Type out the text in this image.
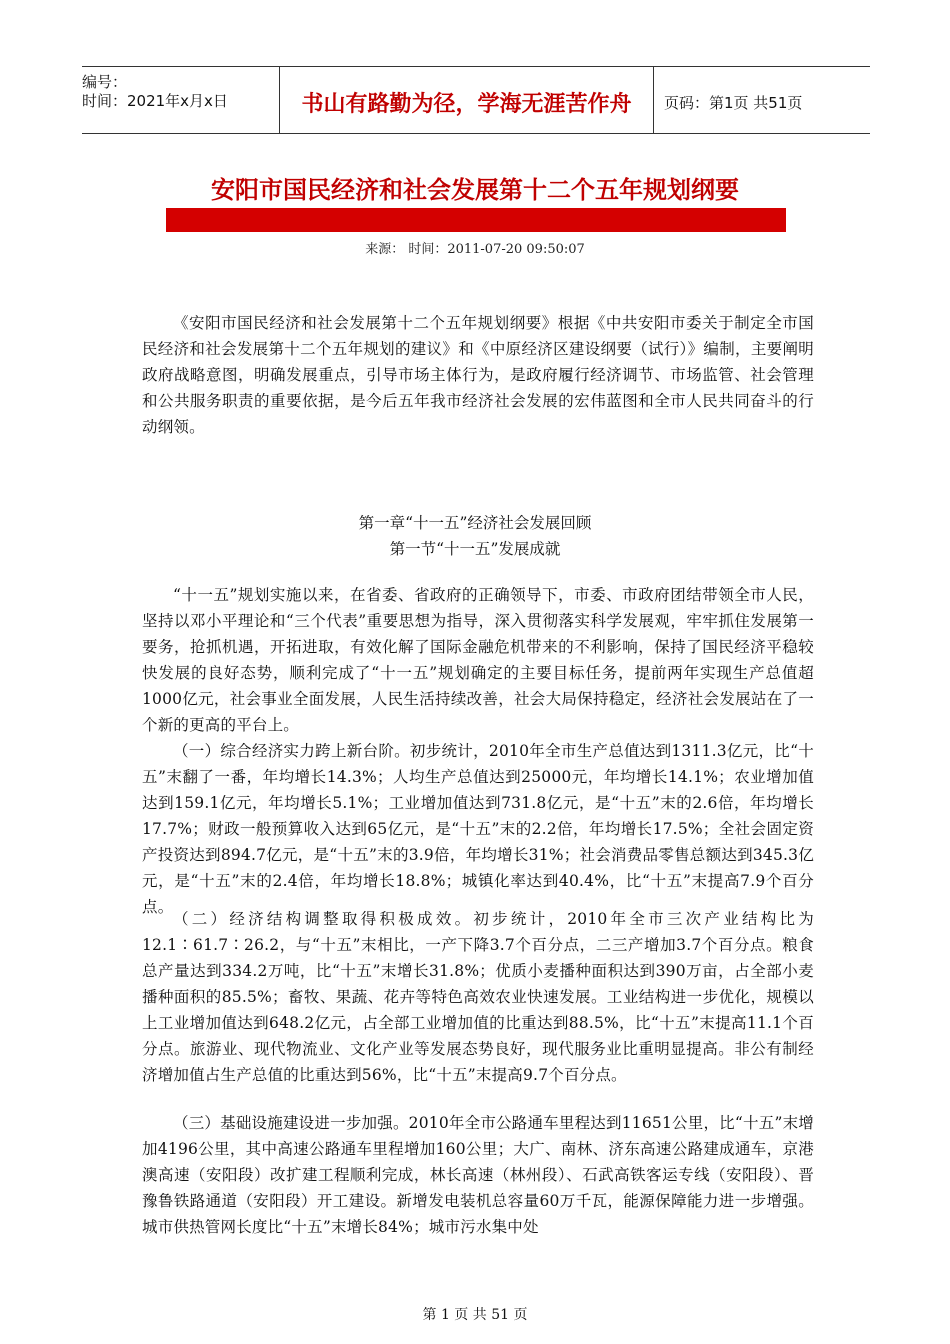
编号：
时间：2021年x月x日	书山有路勤为径，学海无涯苦作舟	页码：第1页 共51页
安阳市国民经济和社会发展第十二个五年规划纲要
来源： 时间：2011-07-20 09:50:07

《安阳市国民经济和社会发展第十二个五年规划纲要》根据《中共安阳市委关于制定全市国民经济和社会发展第十二个五年规划的建议》和《中原经济区建设纲要（试行）》编制，主要阐明政府战略意图，明确发展重点，引导市场主体行为，是政府履行经济调节、市场监管、社会管理和公共服务职责的重要依据，是今后五年我市经济社会发展的宏伟蓝图和全市人民共同奋斗的行动纲领。

第一章“十一五”经济社会发展回顾
第一节“十一五”发展成就

“十一五”规划实施以来，在省委、省政府的正确领导下，市委、市政府团结带领全市人民，坚持以邓小平理论和“三个代表”重要思想为指导，深入贯彻落实科学发展观，牢牢抓住发展第一要务，抢抓机遇，开拓进取，有效化解了国际金融危机带来的不利影响，保持了国民经济平稳较快发展的良好态势，顺利完成了“十一五”规划确定的主要目标任务，提前两年实现生产总值超1000亿元，社会事业全面发展，人民生活持续改善，社会大局保持稳定，经济社会发展站在了一个新的更高的平台上。

（一）综合经济实力跨上新台阶。初步统计，2010年全市生产总值达到1311.3亿元，比“十五”末翻了一番，年均增长14.3%；人均生产总值达到25000元，年均增长14.1%；农业增加值达到159.1亿元，年均增长5.1%；工业增加值达到731.8亿元，是“十五”末的2.6倍，年均增长17.7%；财政一般预算收入达到65亿元，是“十五”末的2.2倍，年均增长17.5%；全社会固定资产投资达到894.7亿元，是“十五”末的3.9倍，年均增长31%；社会消费品零售总额达到345.3亿元，是“十五”末的2.4倍，年均增长18.8%；城镇化率达到40.4%，比“十五”末提高7.9个百分点。

（二）经济结构调整取得积极成效。初步统计，2010年全市三次产业结构比为12.1∶61.7∶26.2，与“十五”末相比，一产下降3.7个百分点，二三产增加3.7个百分点。粮食总产量达到334.2万吨，比“十五”末增长31.8%；优质小麦播种面积达到390万亩，占全部小麦播种面积的85.5%；畜牧、果蔬、花卉等特色高效农业快速发展。工业结构进一步优化，规模以上工业增加值达到648.2亿元，占全部工业增加值的比重达到88.5%，比“十五”末提高11.1个百分点。旅游业、现代物流业、文化产业等发展态势良好，现代服务业比重明显提高。非公有制经济增加值占生产总值的比重达到56%，比“十五”末提高9.7个百分点。

（三）基础设施建设进一步加强。2010年全市公路通车里程达到11651公里，比“十五”末增加4196公里，其中高速公路通车里程增加160公里；大广、南林、济东高速公路建成通车，京港澳高速（安阳段）改扩建工程顺利完成，林长高速（林州段）、石武高铁客运专线（安阳段）、晋豫鲁铁路通道（安阳段）开工建设。新增发电装机总容量60万千瓦，能源保障能力进一步增强。城市供热管网长度比“十五”末增长84%；城市污水集中处

第 1 页 共 51 页
